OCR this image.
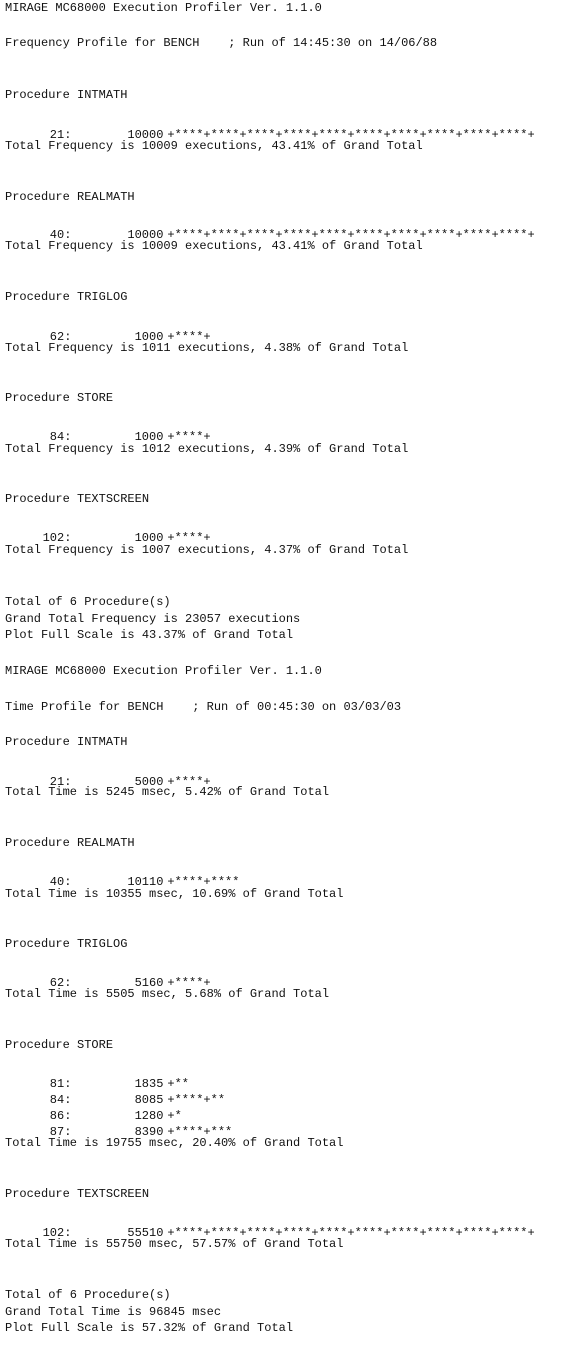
MIRAGE MC68000 Execution Profiler Ver. 1.1.0
Frequency Profile for BENCH    ; Run of 14:45:30 on 14/06/88
Procedure INTMATH

21:	10000 +****+****+****+****+****+****+****+****+****+****+

Total Frequency is 10009 executions, 43.41% of Grand Total
Procedure REALMATH

40:	10000 +****+****+****+****+****+****+****+****+****+****+

Total Frequency is 10009 executions, 43.41% of Grand Total
Procedure TRIGLOG

62:	1000 +****+

Total Frequency is 1011 executions, 4.38% of Grand Total
Procedure STORE

84:	1000 +****+

Total Frequency is 1012 executions, 4.39% of Grand Total
Procedure TEXTSCREEN

102:	1000 +****+

Total Frequency is 1007 executions, 4.37% of Grand Total
Total of 6 Procedure(s)
Grand Total Frequency is 23057 executions
Plot Full Scale is 43.37% of Grand Total
MIRAGE MC68000 Execution Profiler Ver. 1.1.0
Time Profile for BENCH    ; Run of 00:45:30 on 03/03/03
Procedure INTMATH

21:	5000 +****+

Total Time is 5245 msec, 5.42% of Grand Total
Procedure REALMATH

40:	10110 +****+****

Total Time is 10355 msec, 10.69% of Grand Total
Procedure TRIGLOG

62:	5160 +****+

Total Time is 5505 msec, 5.68% of Grand Total
Procedure STORE

81:	1835 +**

84:	8085 +****+**

86:	1280 +*

87:	8390 +****+***

Total Time is 19755 msec, 20.40% of Grand Total
Procedure TEXTSCREEN

102:	55510 +****+****+****+****+****+****+****+****+****+****+

Total Time is 55750 msec, 57.57% of Grand Total
Total of 6 Procedure(s)
Grand Total Time is 96845 msec
Plot Full Scale is 57.32% of Grand Total
